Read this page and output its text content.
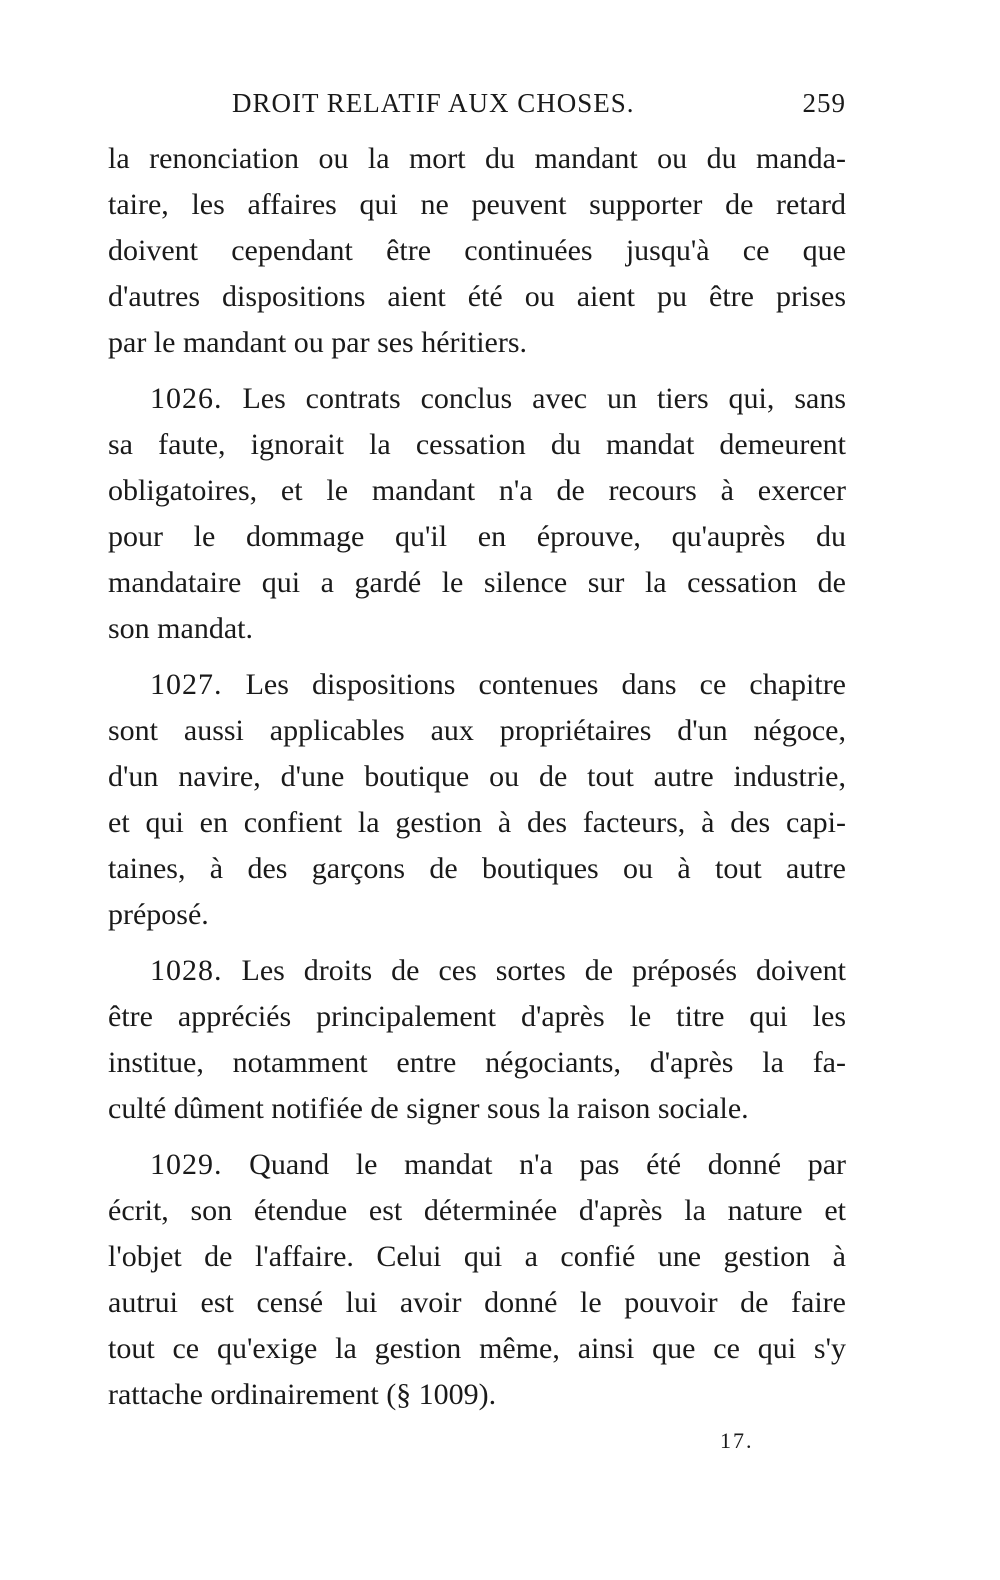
DROIT RELATIF AUX CHOSES.	259
la renonciation ou la mort du mandant ou du manda-
taire, les affaires qui ne peuvent supporter de retard
doivent cependant être continuées jusqu'à ce que
d'autres dispositions aient été ou aient pu être prises
par le mandant ou par ses héritiers.
1026. Les contrats conclus avec un tiers qui, sans
sa faute, ignorait la cessation du mandat demeurent
obligatoires, et le mandant n'a de recours à exercer
pour le dommage qu'il en éprouve, qu'auprès du
mandataire qui a gardé le silence sur la cessation de
son mandat.
1027. Les dispositions contenues dans ce chapitre
sont aussi applicables aux propriétaires d'un négoce,
d'un navire, d'une boutique ou de tout autre industrie,
et qui en confient la gestion à des facteurs, à des capi-
taines, à des garçons de boutiques ou à tout autre
préposé.
1028. Les droits de ces sortes de préposés doivent
être appréciés principalement d'après le titre qui les
institue, notamment entre négociants, d'après la fa-
culté dûment notifiée de signer sous la raison sociale.
1029. Quand le mandat n'a pas été donné par
écrit, son étendue est déterminée d'après la nature et
l'objet de l'affaire. Celui qui a confié une gestion à
autrui est censé lui avoir donné le pouvoir de faire
tout ce qu'exige la gestion même, ainsi que ce qui s'y
rattache ordinairement (§ 1009).
17.
